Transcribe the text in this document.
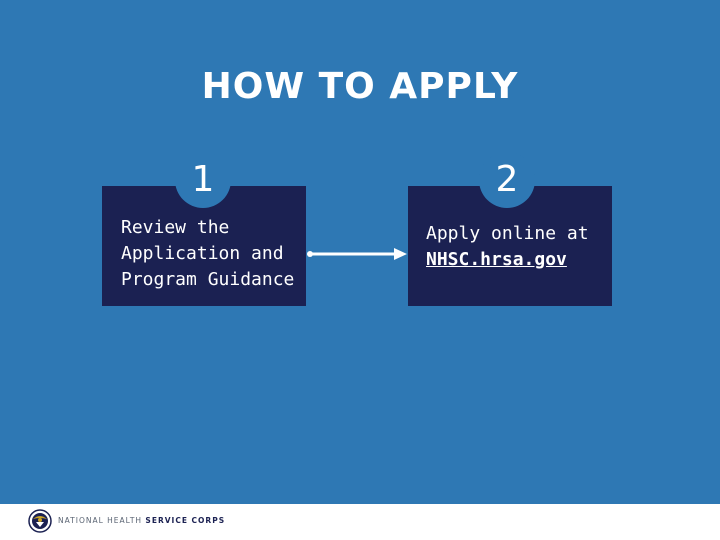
HOW TO APPLY
1
Review the
Application and
Program Guidance
2
Apply online at
NHSC.hrsa.gov
NATIONAL HEALTH SERVICE CORPS
